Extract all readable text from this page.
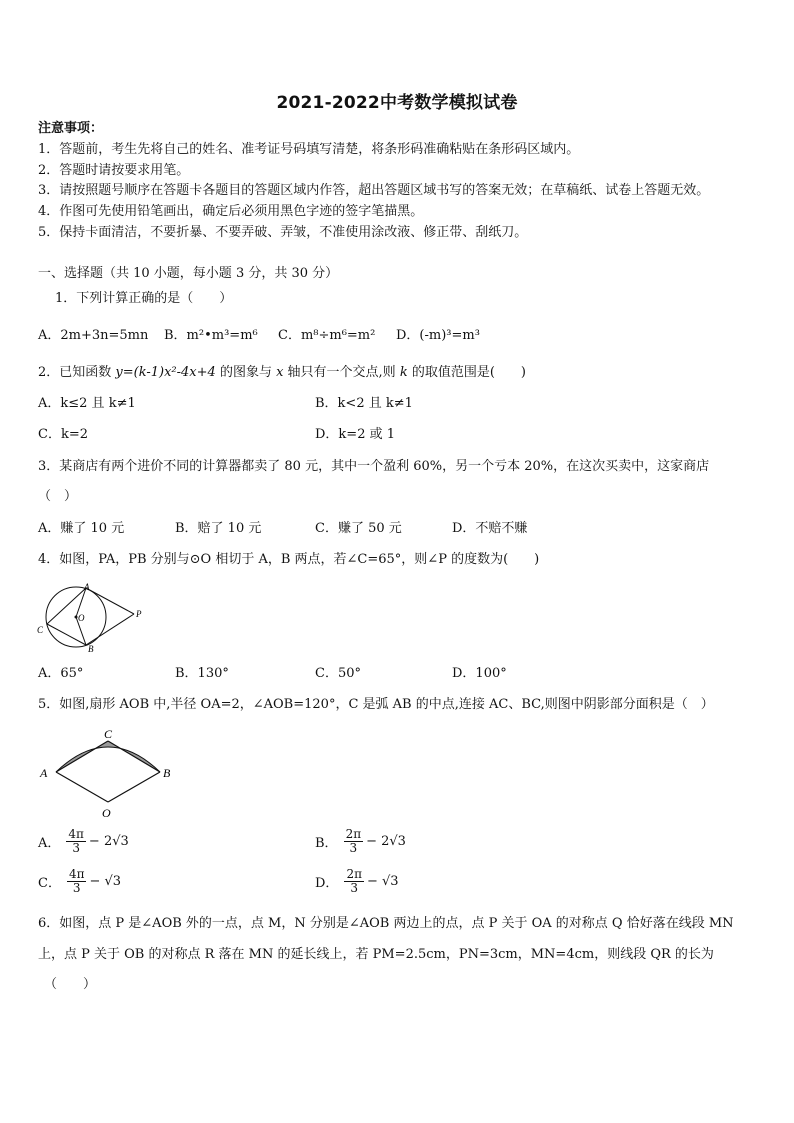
2021-2022中考数学模拟试卷
注意事项：
1．答题前，考生先将自己的姓名、准考证号码填写清楚，将条形码准确粘贴在条形码区域内。
2．答题时请按要求用笔。
3．请按照题号顺序在答题卡各题目的答题区域内作答，超出答题区域书写的答案无效；在草稿纸、试卷上答题无效。
4．作图可先使用铅笔画出，确定后必须用黑色字迹的签字笔描黑。
5．保持卡面清洁，不要折暴、不要弄破、弄皱，不准使用涂改液、修正带、刮纸刀。
一、选择题（共 10 小题，每小题 3 分，共 30 分）
1．下列计算正确的是（　　）
A．2m+3n=5mn B．m²•m³=m⁶ C．m⁸÷m⁶=m² D．(-m)³=m³
2．已知函数 y=(k-1)x²-4x+4 的图象与 x 轴只有一个交点,则 k 的取值范围是(　　)
A．k≤2 且 k≠1	B．k<2 且 k≠1
C．k=2	D．k=2 或 1
3．某商店有两个进价不同的计算器都卖了 80 元，其中一个盈利 60%，另一个亏本 20%，在这次买卖中，这家商店
（　）
A．赚了 10 元	B．赔了 10 元	C．赚了 50 元	D．不赔不赚
4．如图，PA，PB 分别与⊙O 相切于 A，B 两点，若∠C=65°，则∠P 的度数为(　　)
A
B
C
O	P
A．65°	B．130°	C．50°	D．100°
5．如图,扇形 AOB 中,半径 OA=2，∠AOB=120°，C 是弧 AB 的中点,连接 AC、BC,则图中阴影部分面积是（　）
C
A	B
O
A． $\frac{4\pi}{3} - 2√3$	B． $\frac{2\pi}{3} - 2√3$
C． $\frac{4\pi}{3} - √3$	D． $\frac{2\pi}{3} - √3$
6．如图，点 P 是∠AOB 外的一点，点 M，N 分别是∠AOB 两边上的点，点 P 关于 OA 的对称点 Q 恰好落在线段 MN
上，点 P 关于 OB 的对称点 R 落在 MN 的延长线上，若 PM=2.5cm，PN=3cm，MN=4cm，则线段 QR 的长为
（　　）
